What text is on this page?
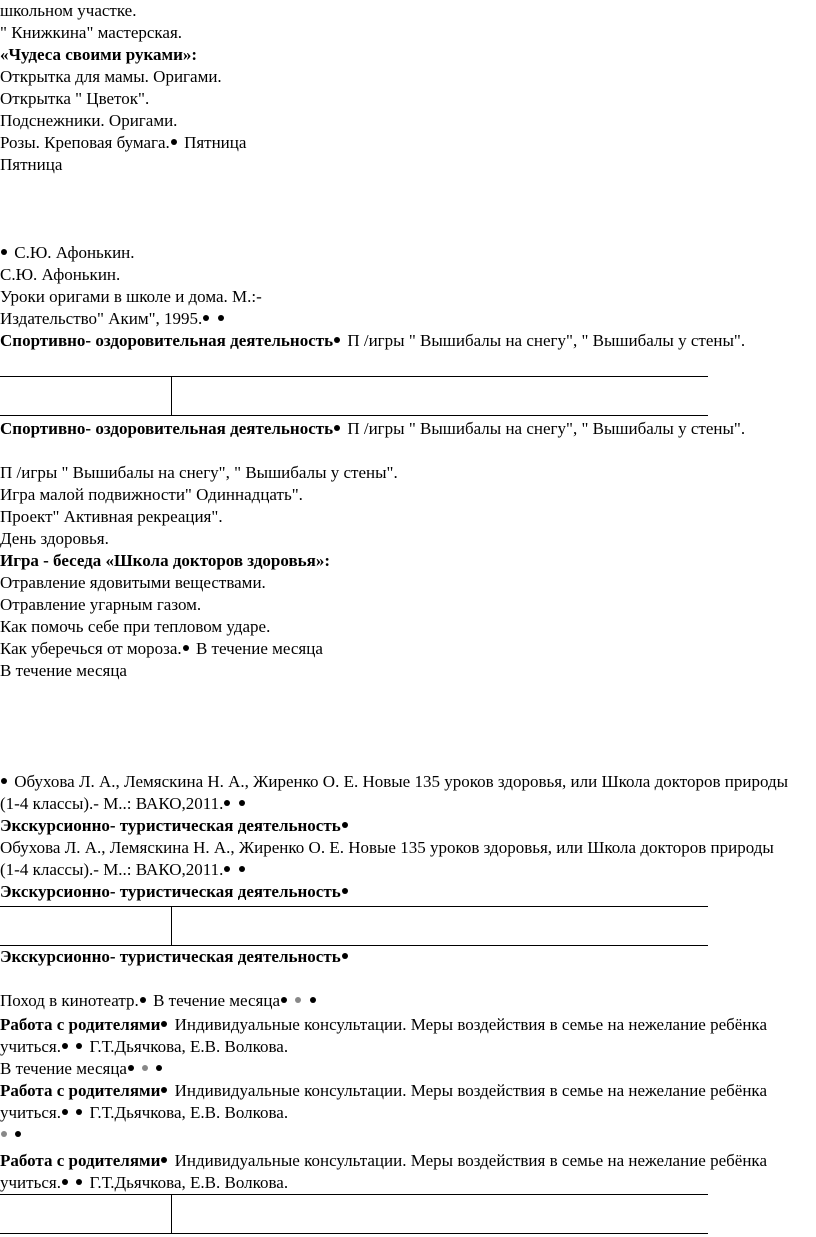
школьном участке.
" Книжкина" мастерская.
«Чудеса своими руками»:
Открытка для мамы. Оригами.
Открытка " Цветок".
Подснежники. Оригами.
Розы. Креповая бумага. Пятница
Пятница
С.Ю. Афонькин.
С.Ю. Афонькин.
Уроки оригами в школе и дома. М.:-
Издательство" Аким", 1995.
Спортивно- оздоровительная деятельность П /игры " Вышибалы на снегу", " Вышибалы у стены".
Спортивно- оздоровительная деятельность П /игры " Вышибалы на снегу", " Вышибалы у стены".
П /игры " Вышибалы на снегу", " Вышибалы у стены".
Игра малой подвижности" Одиннадцать".
Проект" Активная рекреация".
День здоровья.
Игра - беседа «Школа докторов здоровья»:
Отравление ядовитыми веществами.
Отравление угарным газом.
Как помочь себе при тепловом ударе.
Как уберечься от мороза. В течение месяца
В течение месяца
Обухова Л. А., Лемяскина Н. А., Жиренко О. Е. Новые 135 уроков здоровья, или Школа докторов природы (1-4 классы).- М..: ВАКО,2011.
Экскурсионно- туристическая деятельность
Обухова Л. А., Лемяскина Н. А., Жиренко О. Е. Новые 135 уроков здоровья, или Школа докторов природы (1-4 классы).- М..: ВАКО,2011.
Экскурсионно- туристическая деятельность
Экскурсионно- туристическая деятельность
Поход в кинотеатр. В течение месяца
Работа с родителями Индивидуальные консультации. Меры воздействия в семье на нежелание ребёнка учиться.  Г.Т.Дьячкова, Е.В. Волкова.
В течение месяца
Работа с родителями Индивидуальные консультации. Меры воздействия в семье на нежелание ребёнка учиться.  Г.Т.Дьячкова, Е.В. Волкова.

Работа с родителями Индивидуальные консультации. Меры воздействия в семье на нежелание ребёнка учиться.  Г.Т.Дьячкова, Е.В. Волкова.
